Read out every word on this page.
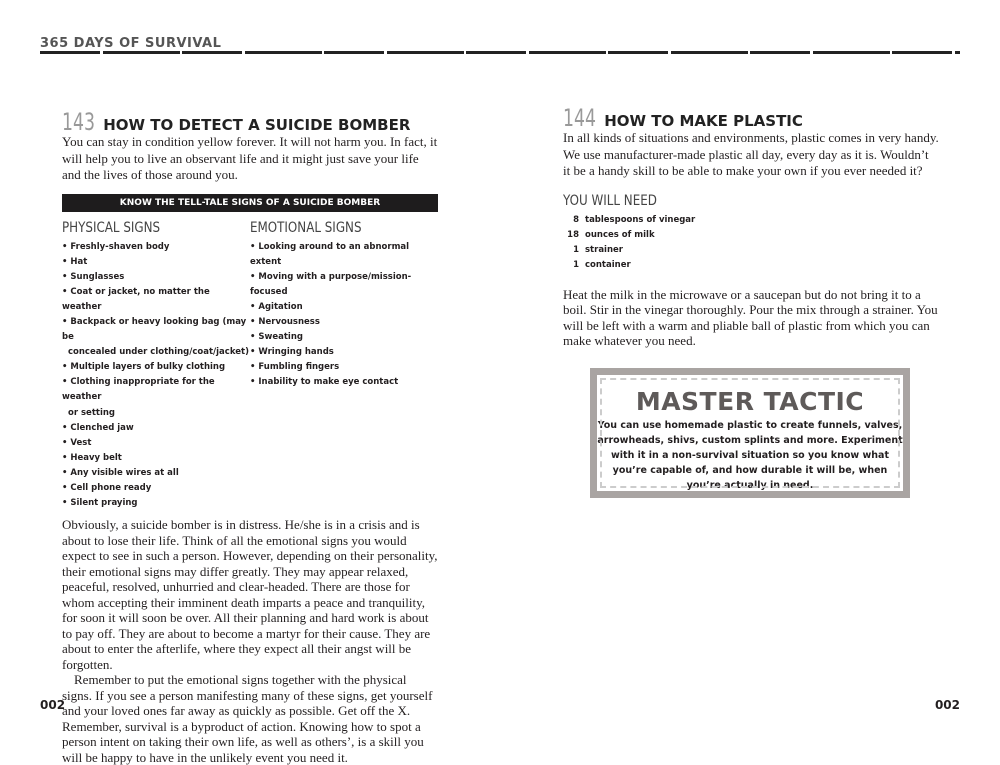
365 DAYS OF SURVIVAL
143 HOW TO DETECT A SUICIDE BOMBER

You can stay in condition yellow forever. It will not harm you. In fact, it will help you to live an observant life and it might just save your life and the lives of those around you.

KNOW THE TELL-TALE SIGNS OF A SUICIDE BOMBER
PHYSICAL SIGNS
• Freshly-shaven body
• Hat
• Sunglasses
• Coat or jacket, no matter the weather
• Backpack or heavy looking bag (may be
concealed under clothing/coat/jacket)
• Multiple layers of bulky clothing
• Clothing inappropriate for the weather
or setting
• Clenched jaw
• Vest
• Heavy belt
• Any visible wires at all
• Cell phone ready
• Silent praying
EMOTIONAL SIGNS
• Looking around to an abnormal extent
• Moving with a purpose/mission-focused
• Agitation
• Nervousness
• Sweating
• Wringing hands
• Fumbling fingers
• Inability to make eye contact

Obviously, a suicide bomber is in distress. He/she is in a crisis and is about to lose their life. Think of all the emotional signs you would expect to see in such a person. However, depending on their personality, their emotional signs may differ greatly. They may appear relaxed, peaceful, resolved, unhurried and clear-headed. There are those for whom accepting their imminent death imparts a peace and tranquility, for soon it will soon be over. All their planning and hard work is about to pay off. They are about to become a martyr for their cause. They are about to enter the afterlife, where they expect all their angst will be forgotten.

Remember to put the emotional signs together with the physical signs. If you see a person manifesting many of these signs, get yourself and your loved ones far away as quickly as possible. Get off the X. Remember, survival is a byproduct of action. Knowing how to spot a person intent on taking their own life, as well as others’, is a skill you will be happy to have in the unlikely event you need it.

144 HOW TO MAKE PLASTIC

In all kinds of situations and environments, plastic comes in very handy. We use manufacturer-made plastic all day, every day as it is. Wouldn’t it be a handy skill to be able to make your own if you ever needed it?

YOU WILL NEED
8 tablespoons of vinegar
18 ounces of milk
1 strainer
1 container

Heat the milk in the microwave or a saucepan but do not bring it to a boil. Stir in the vinegar thoroughly. Pour the mix through a strainer. You will be left with a warm and pliable ball of plastic from which you can make whatever you need.

MASTER TACTIC
You can use homemade plastic to create funnels, valves, arrowheads, shivs, custom splints and more. Experiment with it in a non-survival situation so you know what you’re capable of, and how durable it will be, when you’re actually in need.
002	002
